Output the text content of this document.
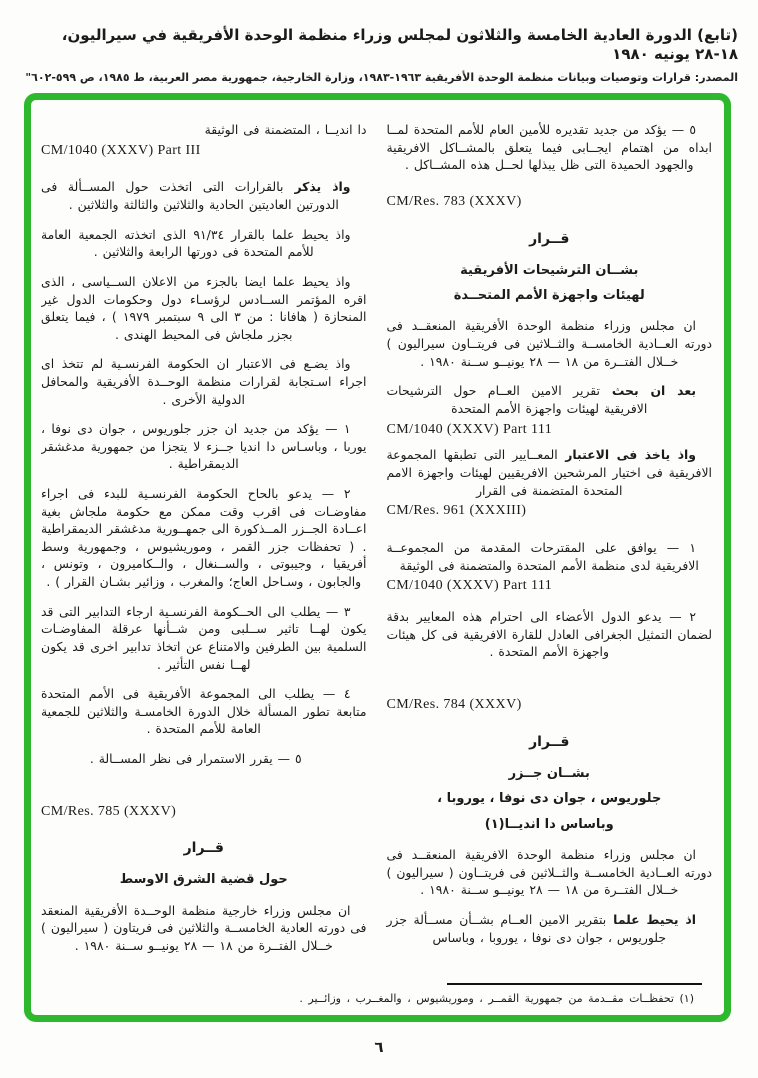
(تابع) الدورة العادية الخامسة والثلاثون لمجلس وزراء منظمة الوحدة الأفريقية في سيراليون، ١٨-٢٨ يونيه ١٩٨٠
المصدر: قرارات وتوصيات وبيانات منظمة الوحدة الأفريقية ١٩٦٣-١٩٨٣، وزارة الخارجية، جمهورية مصر العربية، ط ١٩٨٥، ص ٥٩٩-٦٠٢"
٥ — يؤكد من جديد تقديره للأمين العام للأمم المتحدة لمــا ابداه من اهتمام ايجــابى فيما يتعلق بالمشــاكل الافريقية والجهود الحميدة التى ظل يبذلها لحــل هذه المشــاكل .
CM/Res. 783 (XXXV)
قــرار
بشــان الترشيحات الأفريقية
لهيئات واجهزة الأمم المتحــدة
ان مجلس وزراء منظمة الوحدة الأفريقية المنعقــد فى دورته العــادية الخامســة والثــلاثين فى فريتــاون سيراليون ) خــلال الفتــرة من ١٨ — ٢٨ يونيــو ســنة ١٩٨٠ .
بعد ان بحث تقرير الامين العــام حول الترشيحات الافريقية لهيئات واجهزة الأمم المتحدة
CM/1040 (XXXV) Part 111
واذ ياخذ فى الاعتبار المعــايير التى تطبقها المجموعة الافريقية فى اختيار المرشحين الافريقيين لهيئات واجهزة الامم المتحدة المتضمنة فى القرار
CM/Res. 961 (XXXIII)
١ — يوافق على المقترحات المقدمة من المجموعــة الافريقية لدى منظمة الأمم المتحدة والمتضمنة فى الوثيقة
CM/1040 (XXXV) Part 111
٢ — يدعو الدول الأعضاء الى احترام هذه المعايير بدقة لضمان التمثيل الجغرافى العادل للقارة الافريقية فى كل هيئات واجهزة الأمم المتحدة .
CM/Res. 784 (XXXV)
قــرار
بشــان جــزر
جلوريوس ، جوان دى نوفا ، يوروبا ،
وباساس دا انديــا(١)
ان مجلس وزراء منظمة الوحدة الافريقية المنعقــد فى دورته العــادية الخامســة والثــلاثين فى فريتــاون ( سيراليون ) خــلال الفتــرة من ١٨ — ٢٨ يونيــو ســنة ١٩٨٠ .
اذ يحيط علما بتقرير الامين العــام بشــأن مســألة جزر جلوريوس ، جوان دى نوفا ، يوروبا ، وباساس
دا انديــا ، المتضمنة فى الوثيقة
CM/1040 (XXXV) Part III
واذ يذكر بالقرارات التى اتخذت حول المســألة فى الدورتين العاديتين الحادية والثلاثين والثالثة والثلاثين .
واذ يحيط علما بالقرار ٩١/٣٤ الذى اتخذته الجمعية العامة للأمم المتحدة فى دورتها الرابعة والثلاثين .
واذ يحيط علما ايضا بالجزء من الاعلان الســياسى ، الذى اقره المؤتمر الســادس لرؤسـاء دول وحكومات الدول غير المنحازة ( هافانا : من ٣ الى ٩ سبتمبر ١٩٧٩ ) ، فيما يتعلق بجزر ملجاش فى المحيط الهندى .
واذ يضـع فى الاعتبار ان الحكومة الفرنسـية لم تتخذ اى اجراء اسـتجابة لقرارات منظمة الوحــدة الأفريقية والمحافل الدولية الأخرى .
١ — يؤكد من جديد ان جزر جلوريوس ، جوان دى نوفا ، يوربا ، وباسـاس دا انديا جــزء لا يتجزا من جمهورية مدغشقر الديمقراطية .
٢ — يدعو بالحاح الحكومة الفرنسـية للبدء فى اجراء مفاوضـات فى اقرب وقت ممكن مع حكومة ملجاش بغية اعــادة الجــزر المــذكورة الى جمهــورية مدغشقر الديمقراطية . ( تحفظات جزر القمر ، وموريشيوس ، وجمهورية وسط أفريقيا ، وجيبوتى ، والســنغال ، والــكاميرون ، وتونس ، والجابون ، وسـاحل العاج؛ والمغرب ، وزائير بشـان القرار ) .
٣ — يطلب الى الحــكومة الفرنسـية ارجاء التدابير التى قد يكون لهــا تاثير ســلبى ومن شــأنها عرقلة المفاوضـات السلمية بين الطرفين والامتناع عن اتخاذ تدابير اخرى قد يكون لهــا نفس التأثير .
٤ — يطلب الى المجموعة الأفريقية فى الأمم المتحدة متابعة تطور المسألة خلال الدورة الخامسـة والثلاثين للجمعية العامة للأمم المتحدة .
٥ — يقرر الاستمرار فى نظر المســالة .
CM/Res. 785 (XXXV)
قــرار
حول قضية الشرق الاوسط
ان مجلس وزراء خارجية منظمة الوحــدة الأفريقية المنعقد فى دورته العادية الخامســة والثلاثين فى فريتاون ( سيراليون ) خــلال الفتــرة من ١٨ — ٢٨ يونيــو ســنة ١٩٨٠ .
(١) تحفظــات مقــدمة من جمهورية القمــر ، وموريشيوس ، والمغــرب ، وزائــير .
٦
